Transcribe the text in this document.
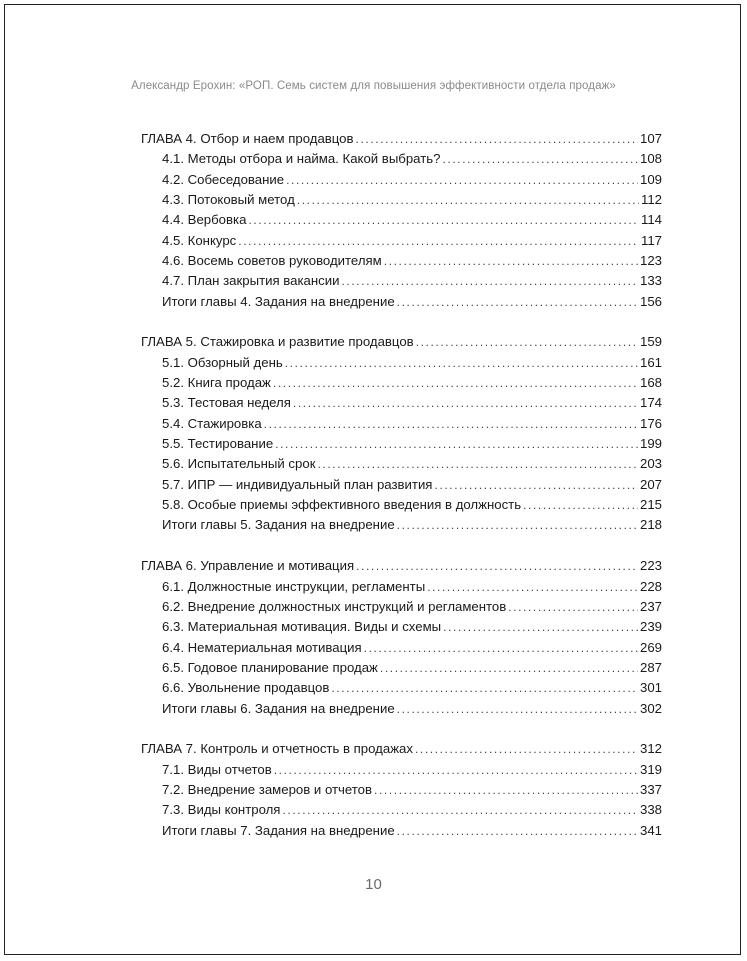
Александр Ерохин: «РОП. Семь систем для повышения эффективности отдела продаж»
ГЛАВА 4. Отбор и наем продавцов .....	107
4.1. Методы отбора и найма. Какой выбрать? .....	108
4.2. Собеседование .....	109
4.3. Потоковый метод .....	112
4.4. Вербовка .....	114
4.5. Конкурс .....	117
4.6. Восемь советов руководителям .....	123
4.7. План закрытия вакансии .....	133
Итоги главы 4. Задания на внедрение .....	156
ГЛАВА 5. Стажировка и развитие продавцов .....	159
5.1. Обзорный день .....	161
5.2. Книга продаж .....	168
5.3. Тестовая неделя .....	174
5.4. Стажировка .....	176
5.5. Тестирование .....	199
5.6. Испытательный срок .....	203
5.7. ИПР — индивидуальный план развития .....	207
5.8. Особые приемы эффективного введения в должность .....	215
Итоги главы 5. Задания на внедрение .....	218
ГЛАВА 6. Управление и мотивация .....	223
6.1. Должностные инструкции, регламенты .....	228
6.2. Внедрение должностных инструкций и регламентов .....	237
6.3. Материальная мотивация. Виды и схемы .....	239
6.4. Нематериальная мотивация .....	269
6.5. Годовое планирование продаж .....	287
6.6. Увольнение продавцов .....	301
Итоги главы 6. Задания на внедрение .....	302
ГЛАВА 7. Контроль и отчетность в продажах .....	312
7.1. Виды отчетов .....	319
7.2. Внедрение замеров и отчетов .....	337
7.3. Виды контроля .....	338
Итоги главы 7. Задания на внедрение .....	341
10
